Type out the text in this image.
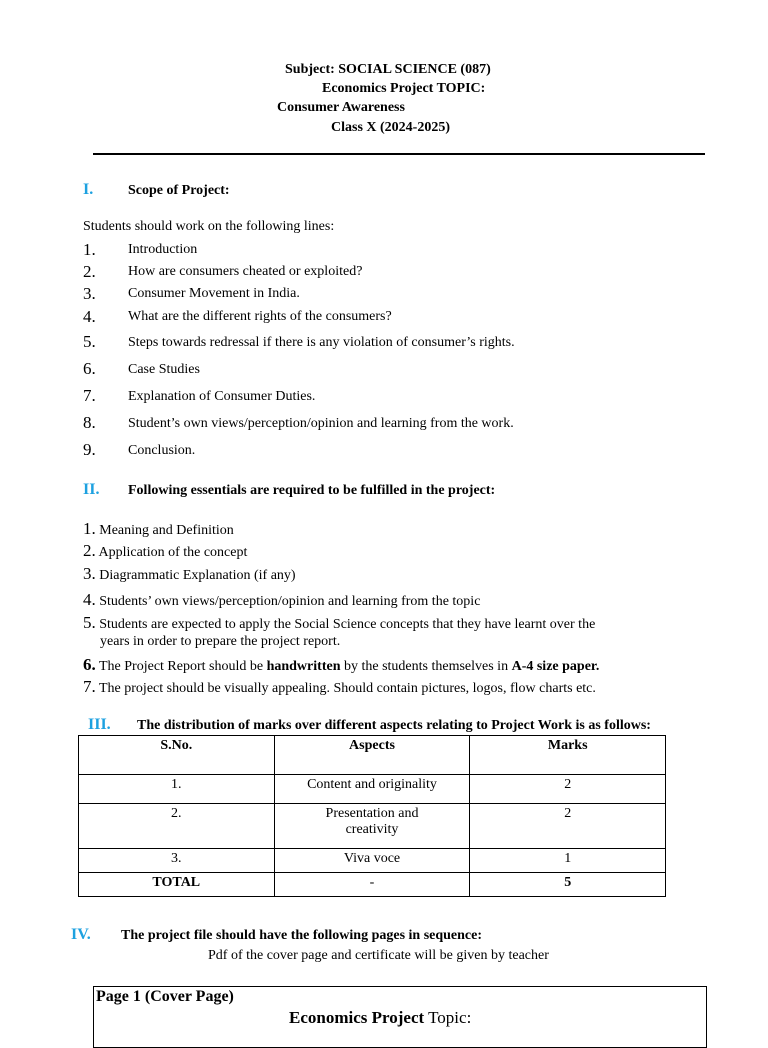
Subject: SOCIAL SCIENCE (087)
Economics Project TOPIC:
Consumer Awareness
Class X (2024-2025)
I. Scope of Project:
Students should work on the following lines:
1. Introduction
2. How are consumers cheated or exploited?
3. Consumer Movement in India.
4. What are the different rights of the consumers?
5. Steps towards redressal if there is any violation of consumer’s rights.
6. Case Studies
7. Explanation of Consumer Duties.
8. Student’s own views/perception/opinion and learning from the work.
9. Conclusion.
II. Following essentials are required to be fulfilled in the project:
1. Meaning and Definition
2. Application of the concept
3. Diagrammatic Explanation (if any)
4. Students’ own views/perception/opinion and learning from the topic
5. Students are expected to apply the Social Science concepts that they have learnt over the
years in order to prepare the project report.
6. The Project Report should be handwritten by the students themselves in A-4 size paper.
7. The project should be visually appealing. Should contain pictures, logos, flow charts etc.
III. The distribution of marks over different aspects relating to Project Work is as follows:
S.No.	Aspects	Marks
1.	Content and originality	2
2.	Presentation and creativity	2
3.	Viva voce	1
TOTAL	-	5
IV. The project file should have the following pages in sequence:
Pdf of the cover page and certificate will be given by teacher
Page 1 (Cover Page)
Economics Project Topic:
